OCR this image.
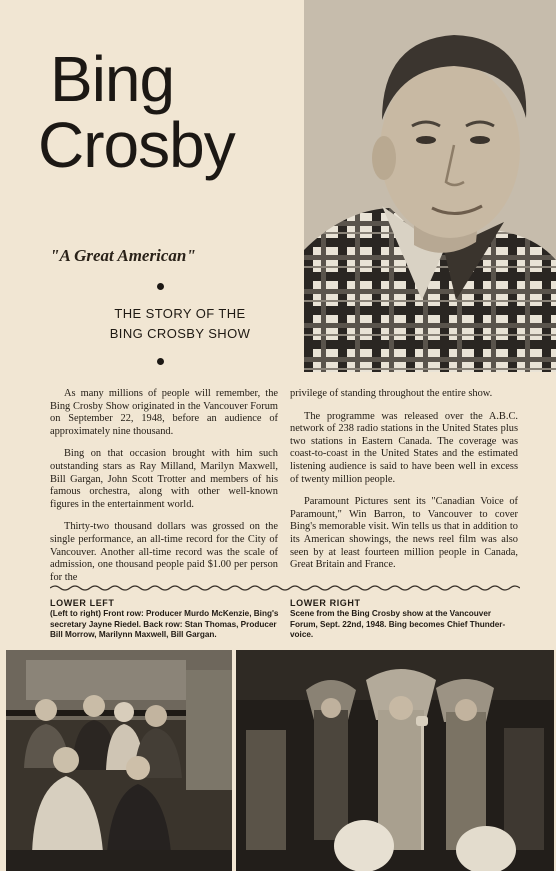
Bing
Crosby
"A Great American"
THE STORY OF THE
BING CROSBY SHOW

As many millions of people will remember, the Bing Crosby Show originated in the Vancouver Forum on September 22, 1948, before an audience of approximately nine thousand.

Bing on that occasion brought with him such outstanding stars as Ray Milland, Marilyn Maxwell, Bill Gargan, John Scott Trotter and members of his famous orchestra, along with other well-known figures in the entertainment world.

Thirty-two thousand dollars was grossed on the single performance, an all-time record for the City of Vancouver. Another all-time record was the scale of admission, one thousand people paid $1.00 per person for the

privilege of standing throughout the entire show.

The programme was released over the A.B.C. network of 238 radio stations in the United States plus two stations in Eastern Canada. The coverage was coast-to-coast in the United States and the estimated listening audience is said to have been well in excess of twenty million people.

Paramount Pictures sent its "Canadian Voice of Paramount," Win Barron, to Vancouver to cover Bing's memorable visit. Win tells us that in addition to its American showings, the news reel film was also seen by at least fourteen million people in Canada, Great Britain and France.

LOWER LEFT
(Left to right) Front row: Producer Murdo McKenzie, Bing's secretary Jayne Riedel. Back row: Stan Thomas, Producer Bill Morrow, Marilynn Maxwell, Bill Gargan.
LOWER RIGHT
Scene from the Bing Crosby show at the Vancouver Forum, Sept. 22nd, 1948. Bing becomes Chief Thunder-voice.
